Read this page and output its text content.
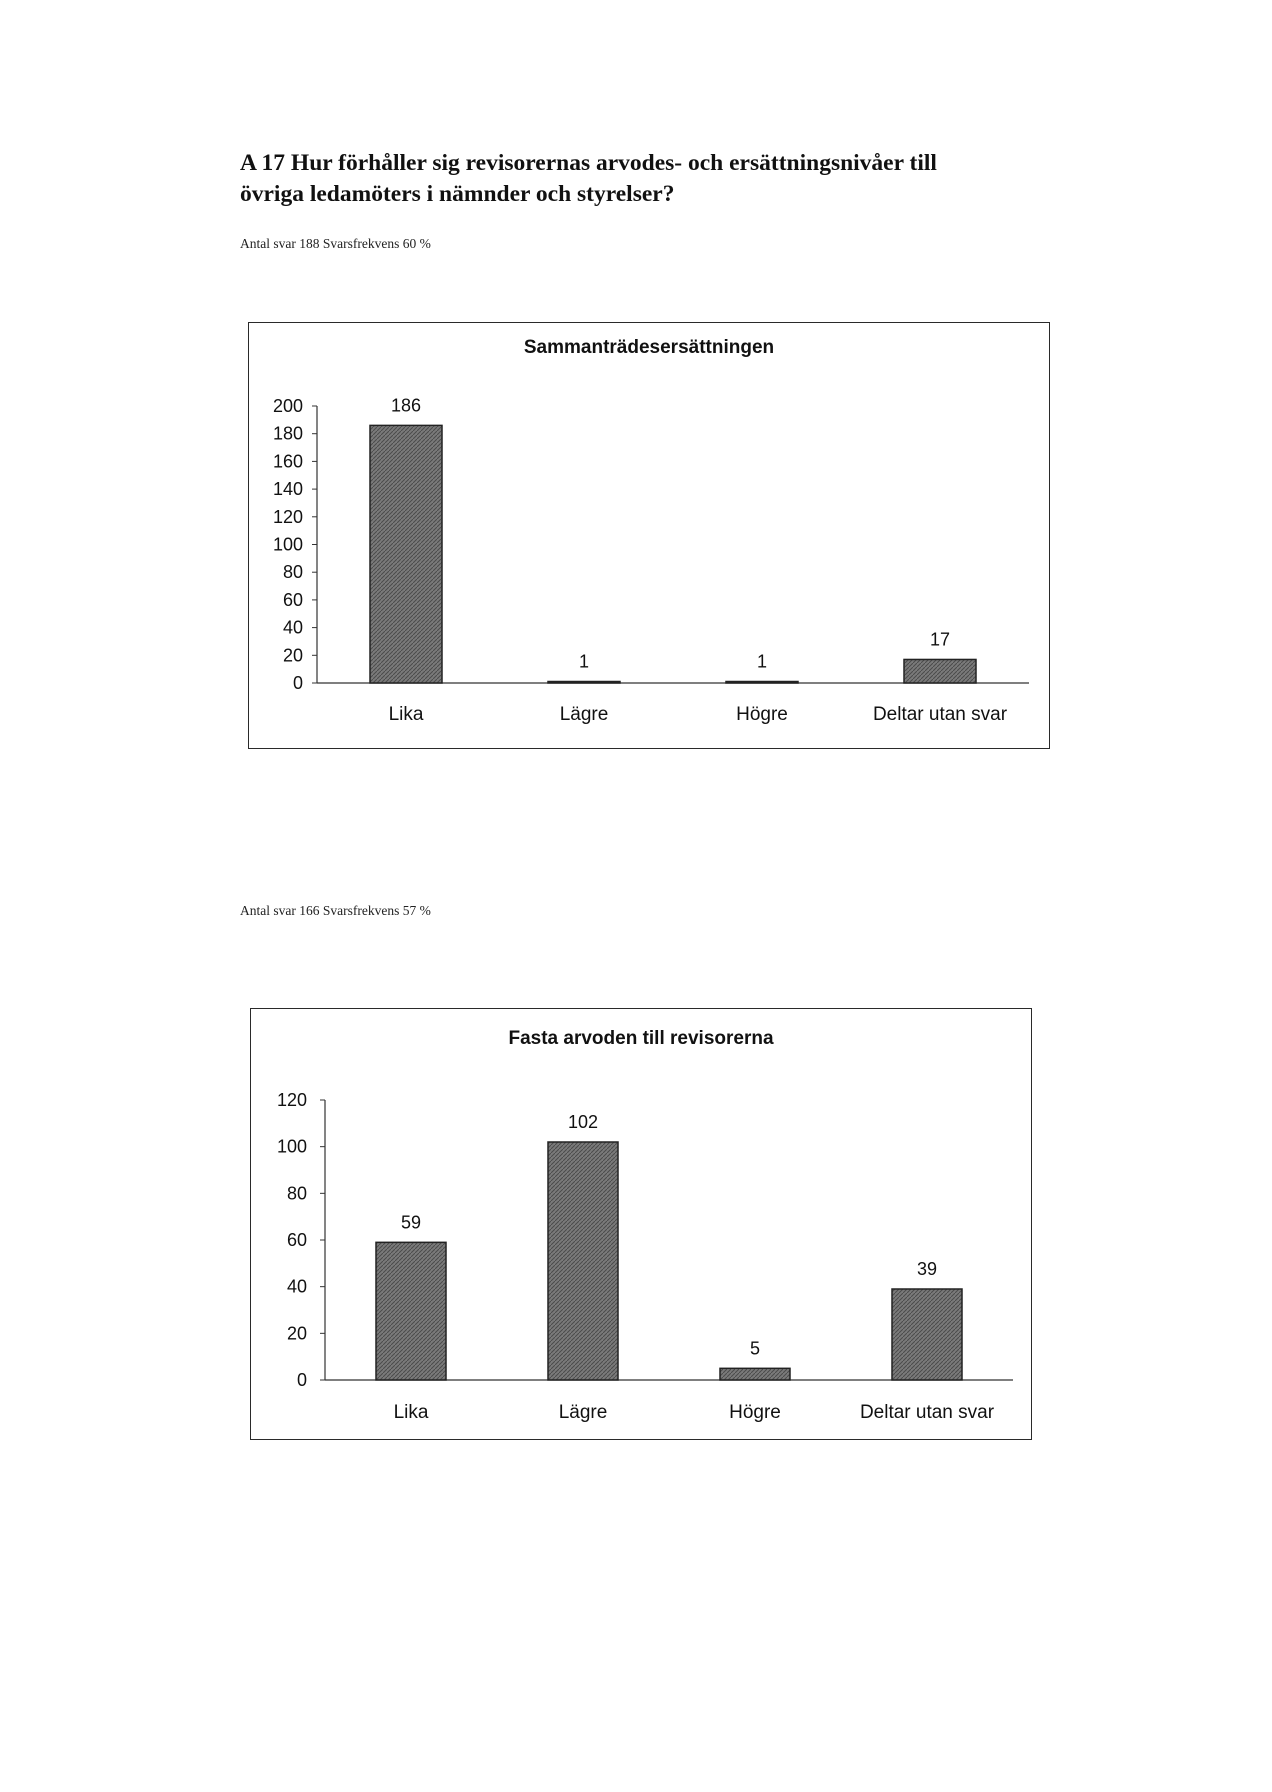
A 17 Hur förhåller sig revisorernas arvodes- och ersättningsnivåer till
övriga ledamöters i nämnder och styrelser?
Antal svar 188 Svarsfrekvens 60 %
Sammanträdesersättningen
0
20
40
60
80
100
120
140
160
180
200	186
Lika
1
Lägre
1
Högre
17
Deltar utan svar
Antal svar 166 Svarsfrekvens 57 %
Fasta arvoden till revisorerna
0
20
40
60
80
100
120
59
Lika
102
Lägre
5
Högre
39
Deltar utan svar
